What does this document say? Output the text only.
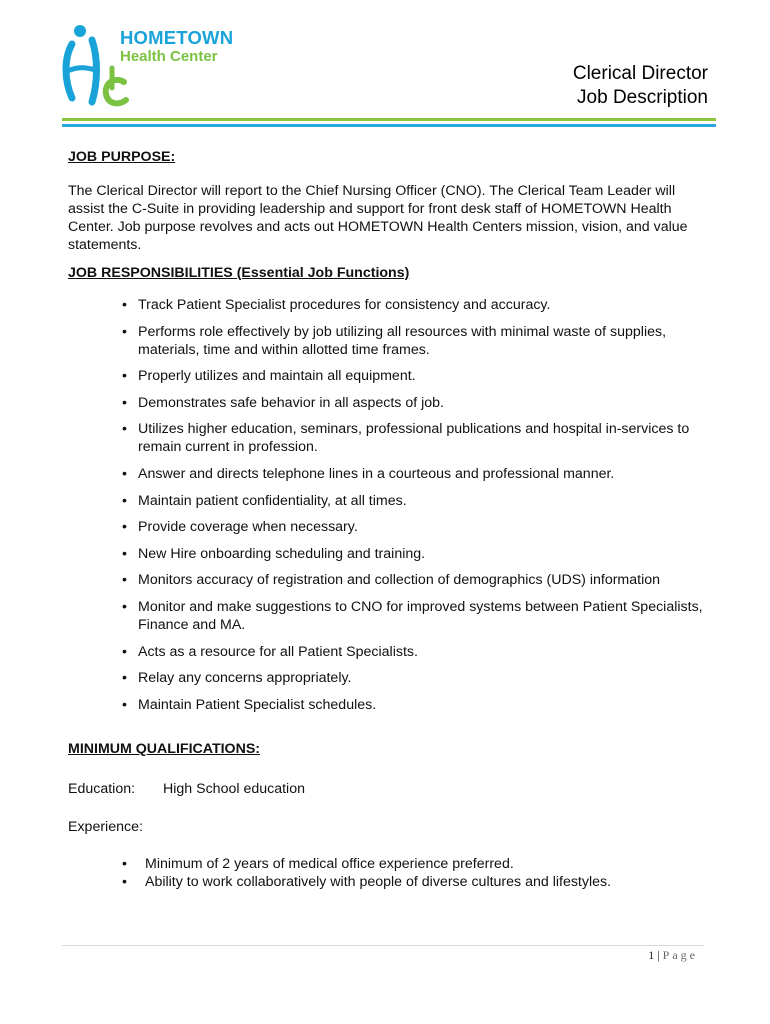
HOMETOWN
Health Center
Clerical Director
Job Description

JOB PURPOSE:

The Clerical Director will report to the Chief Nursing Officer (CNO). The Clerical Team Leader will assist the C-Suite in providing leadership and support for front desk staff of HOMETOWN Health Center. Job purpose revolves and acts out HOMETOWN Health Centers mission, vision, and value statements.

JOB RESPONSIBILITIES (Essential Job Functions)

• Track Patient Specialist procedures for consistency and accuracy.
• Performs role effectively by job utilizing all resources with minimal waste of supplies, materials, time and within allotted time frames.
• Properly utilizes and maintain all equipment.
• Demonstrates safe behavior in all aspects of job.
• Utilizes higher education, seminars, professional publications and hospital in-services to remain current in profession.
• Answer and directs telephone lines in a courteous and professional manner.
• Maintain patient confidentiality, at all times.
• Provide coverage when necessary.
• New Hire onboarding scheduling and training.
• Monitors accuracy of registration and collection of demographics (UDS) information
• Monitor and make suggestions to CNO for improved systems between Patient Specialists, Finance and MA.
• Acts as a resource for all Patient Specialists.
• Relay any concerns appropriately.
• Maintain Patient Specialist schedules.

MINIMUM QUALIFICATIONS:

Education: High School education

Experience:

• Minimum of 2 years of medical office experience preferred.
• Ability to work collaboratively with people of diverse cultures and lifestyles.
1 | Page
